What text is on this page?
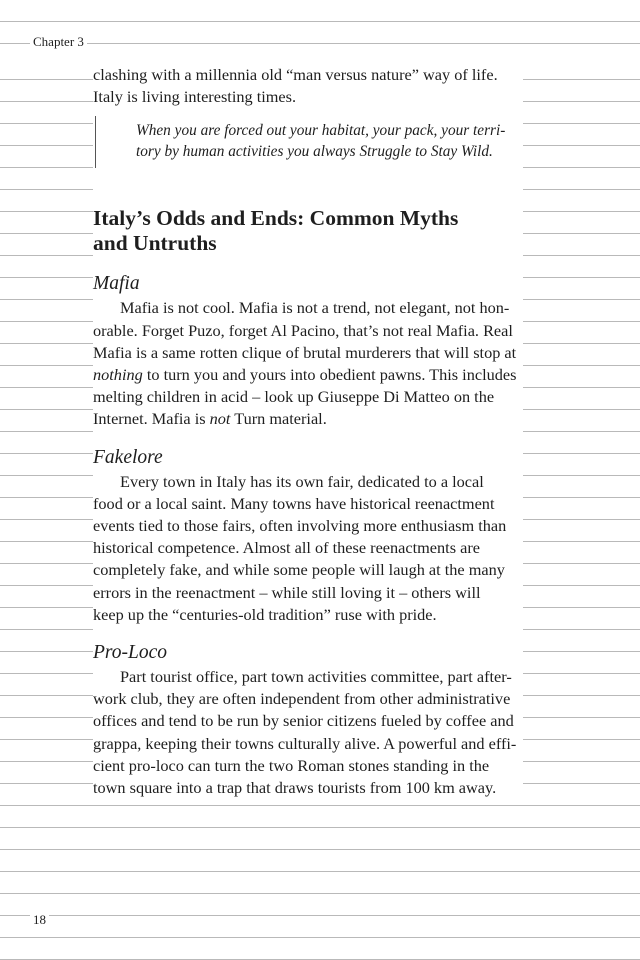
Chapter 3

clashing with a millennia old “man versus nature” way of life.
Italy is living interesting times.

When you are forced out your habitat, your pack, your terri-
tory by human activities you always Struggle to Stay Wild.
Italy’s Odds and Ends: Common Myths
and Untruths
Mafia

Mafia is not cool. Mafia is not a trend, not elegant, not hon-
orable. Forget Puzo, forget Al Pacino, that’s not real Mafia. Real
Mafia is a same rotten clique of brutal murderers that will stop at
nothing to turn you and yours into obedient pawns. This includes
melting children in acid – look up Giuseppe Di Matteo on the
Internet. Mafia is not Turn material.

Fakelore

Every town in Italy has its own fair, dedicated to a local
food or a local saint. Many towns have historical reenactment
events tied to those fairs, often involving more enthusiasm than
historical competence. Almost all of these reenactments are
completely fake, and while some people will laugh at the many
errors in the reenactment – while still loving it – others will
keep up the “centuries-old tradition” ruse with pride.

Pro-Loco

Part tourist office, part town activities committee, part after-
work club, they are often independent from other administrative
offices and tend to be run by senior citizens fueled by coffee and
grappa, keeping their towns culturally alive. A powerful and effi-
cient pro-loco can turn the two Roman stones standing in the
town square into a trap that draws tourists from 100 km away.

18
